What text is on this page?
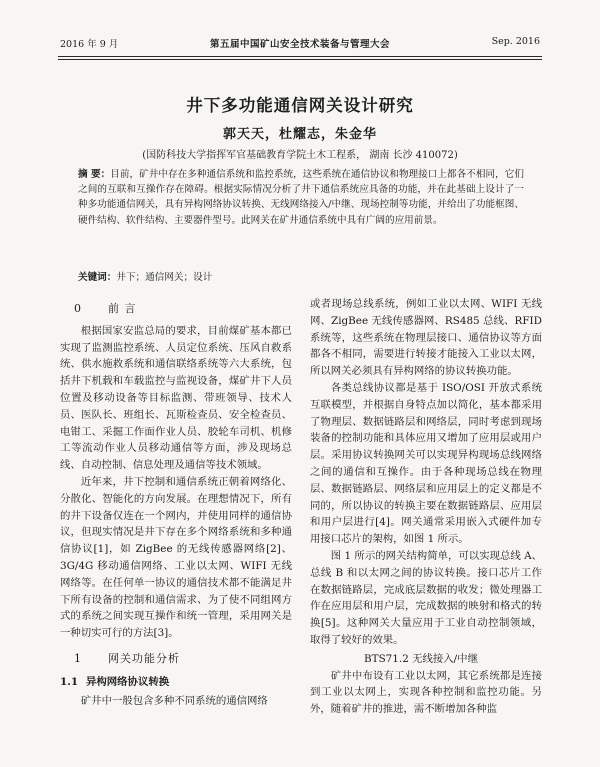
2016 年 9 月	第五届中国矿山安全技术装备与管理大会	Sep. 2016
井下多功能通信网关设计研究
郭天天，杜耀志，朱金华
(国防科技大学指挥军官基础教育学院土木工程系， 湖南 长沙 410072)
摘 要：目前，矿井中存在多种通信系统和监控系统，这些系统在通信协议和物理接口上都各不相同，它们之间的互联和互操作存在障碍。根据实际情况分析了井下通信系统应具备的功能，并在此基础上设计了一种多功能通信网关，具有异构网络协议转换、无线网络接入/中继、现场控制等功能，并给出了功能框图、硬件结构、软件结构、主要器件型号。此网关在矿井通信系统中具有广阔的应用前景。
关键词：井下；通信网关；设计
0 前 言

根据国家安监总局的要求，目前煤矿基本都已实现了监测监控系统、人员定位系统、压风自救系统、供水施救系统和通信联络系统等六大系统，包括井下机载和车载监控与监视设备，煤矿井下人员位置及移动设备等目标监测、带班领导、技术人员、医队长、班组长、瓦斯检查员、安全检查员、电钳工、采掘工作面作业人员、胶轮车司机、机修工等流动作业人员移动通信等方面，涉及现场总线、自动控制、信息处理及通信等技术领域。

近年来，井下控制和通信系统正朝着网络化、分散化、智能化的方向发展。在理想情况下，所有的井下设备仅连在一个网内，并使用同样的通信协议，但现实情况是井下存在多个网络系统和多种通信协议[1]，如 ZigBee 的无线传感器网络[2]、3G/4G 移动通信网络、工业以太网、WIFI 无线网络等。在任何单一协议的通信技术都不能满足井下所有设备的控制和通信需求、为了使不同组网方式的系统之间实现互操作和统一管理，采用网关是一种切实可行的方法[3]。

1 网关功能分析
1.1 异构网络协议转换

矿井中一般包含多种不同系统的通信网络

或者现场总线系统，例如工业以太网、WIFI 无线网、ZigBee 无线传感器网、RS485 总线、RFID 系统等，这些系统在物理层接口、通信协议等方面都各不相同，需要进行转接才能接入工业以太网，所以网关必须具有异构网络的协议转换功能。

各类总线协议都是基于 ISO/OSI 开放式系统互联模型，并根据自身特点加以简化，基本都采用了物理层、数据链路层和网络层，同时考虑到现场装备的控制功能和具体应用又增加了应用层或用户层。采用协议转换网关可以实现异构现场总线网络之间的通信和互操作。由于各种现场总线在物理层、数据链路层、网络层和应用层上的定义都是不同的，所以协议的转换主要在数据链路层、应用层和用户层进行[4]。网关通常采用嵌入式硬件加专用接口芯片的架构，如图 1 所示。

图 1 所示的网关结构简单，可以实现总线 A、总线 B 和以太网之间的协议转换。接口芯片工作在数据链路层，完成底层数据的收发；微处理器工作在应用层和用户层，完成数据的映射和格式的转换[5]。这种网关大量应用于工业自动控制领域，取得了较好的效果。

BTS71.2 无线接入/中继

矿井中布设有工业以太网，其它系统都是连接到工业以太网上，实现各种控制和监控功能。另外，随着矿井的推进，需不断增加各种监
